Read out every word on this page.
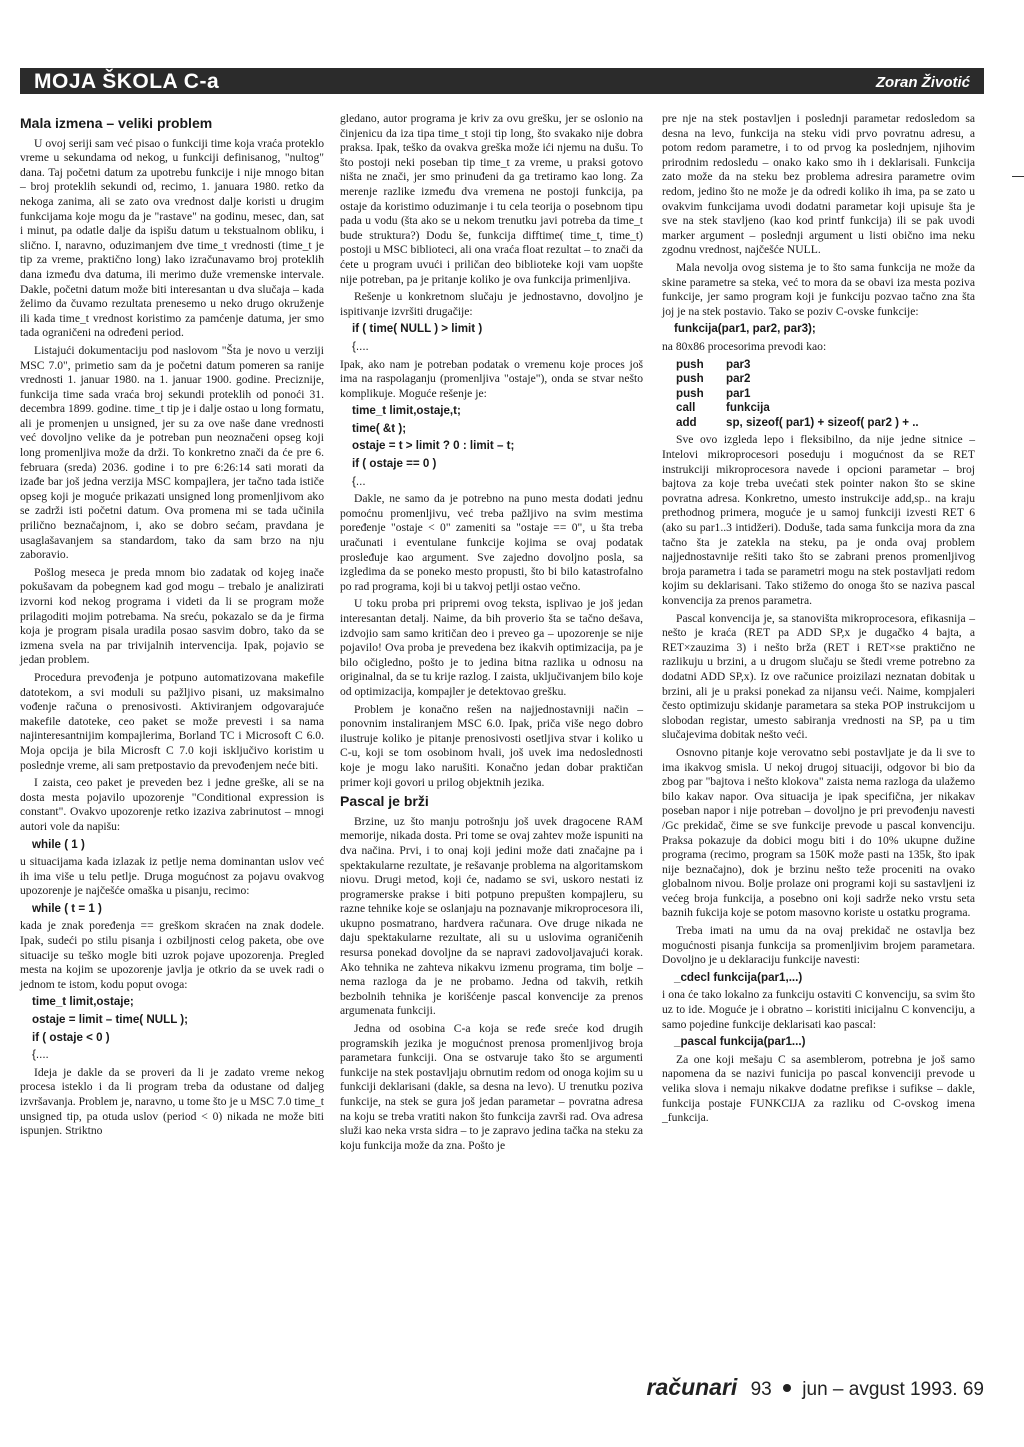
MOJA ŠKOLA C-a	Zoran Životić
Mala izmena – veliki problem

U ovoj seriji sam već pisao o funkciji time koja vraća proteklo vreme u sekundama od nekog, u funkciji definisanog, "nultog" dana. Taj početni datum za upotrebu funkcije i nije mnogo bitan – broj proteklih sekundi od, recimo, 1. januara 1980. retko da nekoga zanima, ali se zato ova vrednost dalje koristi u drugim funkcijama koje mogu da je "rastave" na godinu, mesec, dan, sat i minut, pa odatle dalje da ispišu datum u tekstualnom obliku, i slično. I, naravno, oduzimanjem dve time_t vrednosti (time_t je tip za vreme, praktično long) lako izračunavamo broj proteklih dana između dva datuma, ili merimo duže vremenske intervale. Dakle, početni datum može biti interesantan u dva slučaja – kada želimo da čuvamo rezultata prenesemo u neko drugo okruženje ili kada time_t vrednost koristimo za pamćenje datuma, jer smo tada ograničeni na određeni period.

Listajući dokumentaciju pod naslovom "Šta je novo u verziji MSC 7.0", primetio sam da je početni datum pomeren sa ranije vrednosti 1. januar 1980. na 1. januar 1900. godine. Preciznije, funkcija time sada vraća broj sekundi proteklih od ponoći 31. decembra 1899. godine. time_t tip je i dalje ostao u long formatu, ali je promenjen u unsigned, jer su za ove naše dane vrednosti već dovoljno velike da je potreban pun neoznačeni opseg koji long promenljiva može da drži. To konkretno znači da će pre 6. februara (sreda) 2036. godine i to pre 6:26:14 sati morati da izađe bar još jedna verzija MSC kompajlera, jer tačno tada ističe opseg koji je moguće prikazati unsigned long promenljivom ako se zadrži isti početni datum. Ova promena mi se tada učinila prilično beznačajnom, i, ako se dobro sećam, pravdana je usaglašavanjem sa standardom, tako da sam brzo na nju zaboravio.

Pošlog meseca je preda mnom bio zadatak od kojeg inače pokušavam da pobegnem kad god mogu – trebalo je analizirati izvorni kod nekog programa i videti da li se program može prilagoditi mojim potrebama. Na sreću, pokazalo se da je firma koja je program pisala uradila posao sasvim dobro, tako da se izmena svela na par trivijalnih intervencija. Ipak, pojavio se jedan problem.

Procedura prevođenja je potpuno automatizovana makefile datotekom, a svi moduli su pažljivo pisani, uz maksimalno vođenje računa o prenosivosti. Aktiviranjem odgovarajuće makefile datoteke, ceo paket se može prevesti i sa nama najinteresantnijim kompajlerima, Borland TC i Microsoft C 6.0. Moja opcija je bila Microsft C 7.0 koji isključivo koristim u poslednje vreme, ali sam pretpostavio da prevođenjem neće biti.

I zaista, ceo paket je preveden bez i jedne greške, ali se na dosta mesta pojavilo upozorenje "Conditional expression is constant". Ovakvo upozorenje retko izaziva zabrinutost – mnogi autori vole da napišu:

while ( 1 )

u situacijama kada izlazak iz petlje nema dominantan uslov već ih ima više u telu petlje. Druga mogućnost za pojavu ovakvog upozorenje je najčešće omaška u pisanju, recimo:

while ( t = 1 )

kada je znak poređenja == greškom skraćen na znak dodele. Ipak, sudeći po stilu pisanja i ozbiljnosti celog paketa, obe ove situacije su teško mogle biti uzrok pojave upozorenja. Pregled mesta na kojim se upozorenje javlja je otkrio da se uvek radi o jednom te istom, kodu poput ovoga:

time_t limit,ostaje;
ostaje = limit – time( NULL );
if ( ostaje < 0 )
{....

Ideja je dakle da se proveri da li je zadato vreme nekog procesa isteklo i da li program treba da odustane od daljeg izvršavanja. Problem je, naravno, u tome što je u MSC 7.0 time_t unsigned tip, pa otuda uslov (period < 0) nikada ne može biti ispunjen. Striktno

gledano, autor programa je kriv za ovu grešku, jer se oslonio na činjenicu da iza tipa time_t stoji tip long, što svakako nije dobra praksa. Ipak, teško da ovakva greška može ići njemu na dušu. To što postoji neki poseban tip time_t za vreme, u praksi gotovo ništa ne znači, jer smo prinuđeni da ga tretiramo kao long. Za merenje razlike između dva vremena ne postoji funkcija, pa ostaje da koristimo oduzimanje i tu cela teorija o posebnom tipu pada u vodu (šta ako se u nekom trenutku javi potreba da time_t bude struktura?) Dodu še, funkcija difftime( time_t, time_t) postoji u MSC biblioteci, ali ona vraća float rezultat – to znači da ćete u program uvući i priličan deo biblioteke koji vam uopšte nije potreban, pa je pritanje koliko je ova funkcija primenljiva.

Rešenje u konkretnom slučaju je jednostavno, dovoljno je ispitivanje izvršiti drugačije:

if ( time( NULL ) > limit )
{....

Ipak, ako nam je potreban podatak o vremenu koje proces još ima na raspolaganju (promenljiva "ostaje"), onda se stvar nešto komplikuje. Moguće rešenje je:

time_t limit,ostaje,t;
time( &t );
ostaje = t > limit ? 0 : limit – t;
if ( ostaje == 0 )
{...

Dakle, ne samo da je potrebno na puno mesta dodati jednu pomoćnu promenljivu, već treba pažljivo na svim mestima poređenje "ostaje < 0" zameniti sa "ostaje == 0", u šta treba uračunati i eventulane funkcije kojima se ovaj podatak prosleđuje kao argument. Sve zajedno dovoljno posla, sa izgledima da se poneko mesto propusti, što bi bilo katastrofalno po rad programa, koji bi u takvoj petlji ostao večno.

U toku proba pri pripremi ovog teksta, isplivao je još jedan interesantan detalj. Naime, da bih proverio šta se tačno dešava, izdvojio sam samo kritičan deo i preveo ga – upozorenje se nije pojavilo! Ova proba je prevedena bez ikakvih optimizacija, pa je bilo očigledno, pošto je to jedina bitna razlika u odnosu na originalnal, da se tu krije razlog. I zaista, uključivanjem bilo koje od optimizacija, kompajler je detektovao grešku.

Problem je konačno rešen na najjednostavniji način – ponovnim instaliranjem MSC 6.0. Ipak, priča više nego dobro ilustruje koliko je pitanje prenosivosti osetljiva stvar i koliko u C-u, koji se tom osobinom hvali, još uvek ima nedoslednosti koje je mogu lako narušiti. Konačno jedan dobar praktičan primer koji govori u prilog objektnih jezika.

Pascal je brži

Brzine, uz što manju potrošnju još uvek dragocene RAM memorije, nikada dosta. Pri tome se ovaj zahtev može ispuniti na dva načina. Prvi, i to onaj koji jedini može dati značajne pa i spektakularne rezultate, je rešavanje problema na algoritamskom niovu. Drugi metod, koji će, nadamo se svi, uskoro nestati iz programerske prakse i biti potpuno prepušten kompajleru, su razne tehnike koje se oslanjaju na poznavanje mikroprocesora ili, ukupno posmatrano, hardvera računara. Ove druge nikada ne daju spektakularne rezultate, ali su u uslovima ograničenih resursa ponekad dovoljne da se napravi zadovoljavajući korak. Ako tehnika ne zahteva nikakvu izmenu programa, tim bolje – nema razloga da je ne probamo. Jedna od takvih, retkih bezbolnih tehnika je korišćenje pascal konvencije za prenos argumenata funkciji.

Jedna od osobina C-a koja se ređe sreće kod drugih programskih jezika je mogućnost prenosa promenljivog broja parametara funkciji. Ona se ostvaruje tako što se argumenti funkcije na stek postavljaju obrnutim redom od onoga kojim su u funkciji deklarisani (dakle, sa desna na levo). U trenutku poziva funkcije, na stek se gura još jedan parametar – povratna adresa na koju se treba vratiti nakon što funkcija završi rad. Ova adresa služi kao neka vrsta sidra – to je zapravo jedina tačka na steku za koju funkcija može da zna. Pošto je

pre nje na stek postavljen i poslednji parametar redosledom sa desna na levo, funkcija na steku vidi prvo povratnu adresu, a potom redom parametre, i to od prvog ka poslednjem, njihovim prirodnim redosledu – onako kako smo ih i deklarisali. Funkcija zato može da na steku bez problema adresira parametre ovim redom, jedino što ne može je da odredi koliko ih ima, pa se zato u ovakvim funkcijama uvodi dodatni parametar koji upisuje šta je sve na stek stavljeno (kao kod printf funkcija) ili se pak uvodi marker argument – poslednji argument u listi obično ima neku zgodnu vrednost, najčešće NULL.

Mala nevolja ovog sistema je to što sama funkcija ne može da skine parametre sa steka, već to mora da se obavi iza mesta poziva funkcije, jer samo program koji je funkciju pozvao tačno zna šta joj je na stek postavio. Tako se poziv C-ovske funkcije:

funkcija(par1, par2, par3);

na 80x86 procesorima prevodi kao:

push	par3
push	par2
push	par1
call	funkcija
add	sp, sizeof( par1) + sizeof( par2 ) + ..

Sve ovo izgleda lepo i fleksibilno, da nije jedne sitnice – Intelovi mikroprocesori poseduju i mogućnost da se RET instrukciji mikroprocesora navede i opcioni parametar – broj bajtova za koje treba uvećati stek pointer nakon što se skine povratna adresa. Konkretno, umesto instrukcije add,sp.. na kraju prethodnog primera, moguće je u samoj funkciji izvesti RET 6 (ako su par1..3 intidžeri). Doduše, tada sama funkcija mora da zna tačno šta je zatekla na steku, pa je onda ovaj problem najjednostavnije rešiti tako što se zabrani prenos promenljivog broja parametra i tada se parametri mogu na stek postavljati redom kojim su deklarisani. Tako stižemo do onoga što se naziva pascal konvencija za prenos parametra.

Pascal konvencija je, sa stanovišta mikroprocesora, efikasnija – nešto je kraća (RET pa ADD SP,x je dugačko 4 bajta, a RET×zauzima 3) i nešto brža (RET i RET×se praktično ne razlikuju u brzini, a u drugom slučaju se štedi vreme potrebno za dodatni ADD SP,x). Iz ove računice proizilazi neznatan dobitak u brzini, ali je u praksi ponekad za nijansu veći. Naime, kompjaleri često optimizuju skidanje parametara sa steka POP instrukcijom u slobodan registar, umesto sabiranja vrednosti na SP, pa u tim slučajevima dobitak nešto veći.

Osnovno pitanje koje verovatno sebi postavljate je da li sve to ima ikakvog smisla. U nekoj drugoj situaciji, odgovor bi bio da zbog par "bajtova i nešto klokova" zaista nema razloga da ulažemo bilo kakav napor. Ova situacija je ipak specifična, jer nikakav poseban napor i nije potreban – dovoljno je pri prevođenju navesti /Gc prekidač, čime se sve funkcije prevode u pascal konvenciju. Praksa pokazuje da dobici mogu biti i do 10% ukupne dužine programa (recimo, program sa 150K može pasti na 135k, što ipak nije beznačajno), dok je brzinu nešto teže proceniti na ovako globalnom nivou. Bolje prolaze oni programi koji su sastavljeni iz većeg broja funkcija, a posebno oni koji sadrže neko vrstu seta baznih fukcija koje se potom masovno koriste u ostatku programa.

Treba imati na umu da na ovaj prekidač ne ostavlja bez mogućnosti pisanja funkcija sa promenljivim brojem parametara. Dovoljno je u deklaraciju funkcije navesti:

_cdecl funkcija(par1,...)

i ona će tako lokalno za funkciju ostaviti C konvenciju, sa svim što uz to ide. Moguće je i obratno – koristiti inicijalnu C konvenciju, a samo pojedine funkcije deklarisati kao pascal:

_pascal funkcija(par1...)

Za one koji mešaju C sa asemblerom, potrebna je još samo napomena da se nazivi funicija po pascal konvenciji prevode u velika slova i nemaju nikakve dodatne prefikse i sufikse – dakle, funkcija postaje FUNKCIJA za razliku od C-ovskog imena _funkcija.

računari 93 jun – avgust 1993. 69
